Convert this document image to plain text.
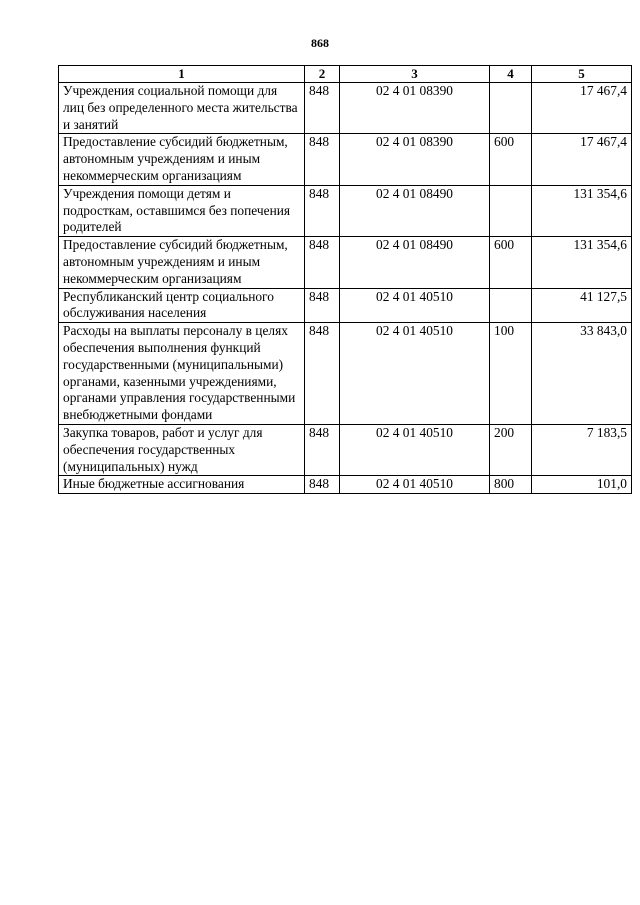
868
1	2	3	4	5
Учреждения социальной помощи для лиц без определенного места жительства и занятий	848	02 4 01 08390		17 467,4
Предоставление субсидий бюджетным, автономным учреждениям и иным некоммерческим организациям	848	02 4 01 08390	600	17 467,4
Учреждения помощи детям и подросткам, оставшимся без попечения родителей	848	02 4 01 08490		131 354,6
Предоставление субсидий бюджетным, автономным учреждениям и иным некоммерческим организациям	848	02 4 01 08490	600	131 354,6
Республиканский центр социального обслуживания населения	848	02 4 01 40510		41 127,5
Расходы на выплаты персоналу в целях обеспечения выполнения функций государственными (муниципальными) органами, казенными учреждениями, органами управления государственными внебюджетными фондами	848	02 4 01 40510	100	33 843,0
Закупка товаров, работ и услуг для обеспечения государственных (муниципальных) нужд	848	02 4 01 40510	200	7 183,5
Иные бюджетные ассигнования	848	02 4 01 40510	800	101,0
